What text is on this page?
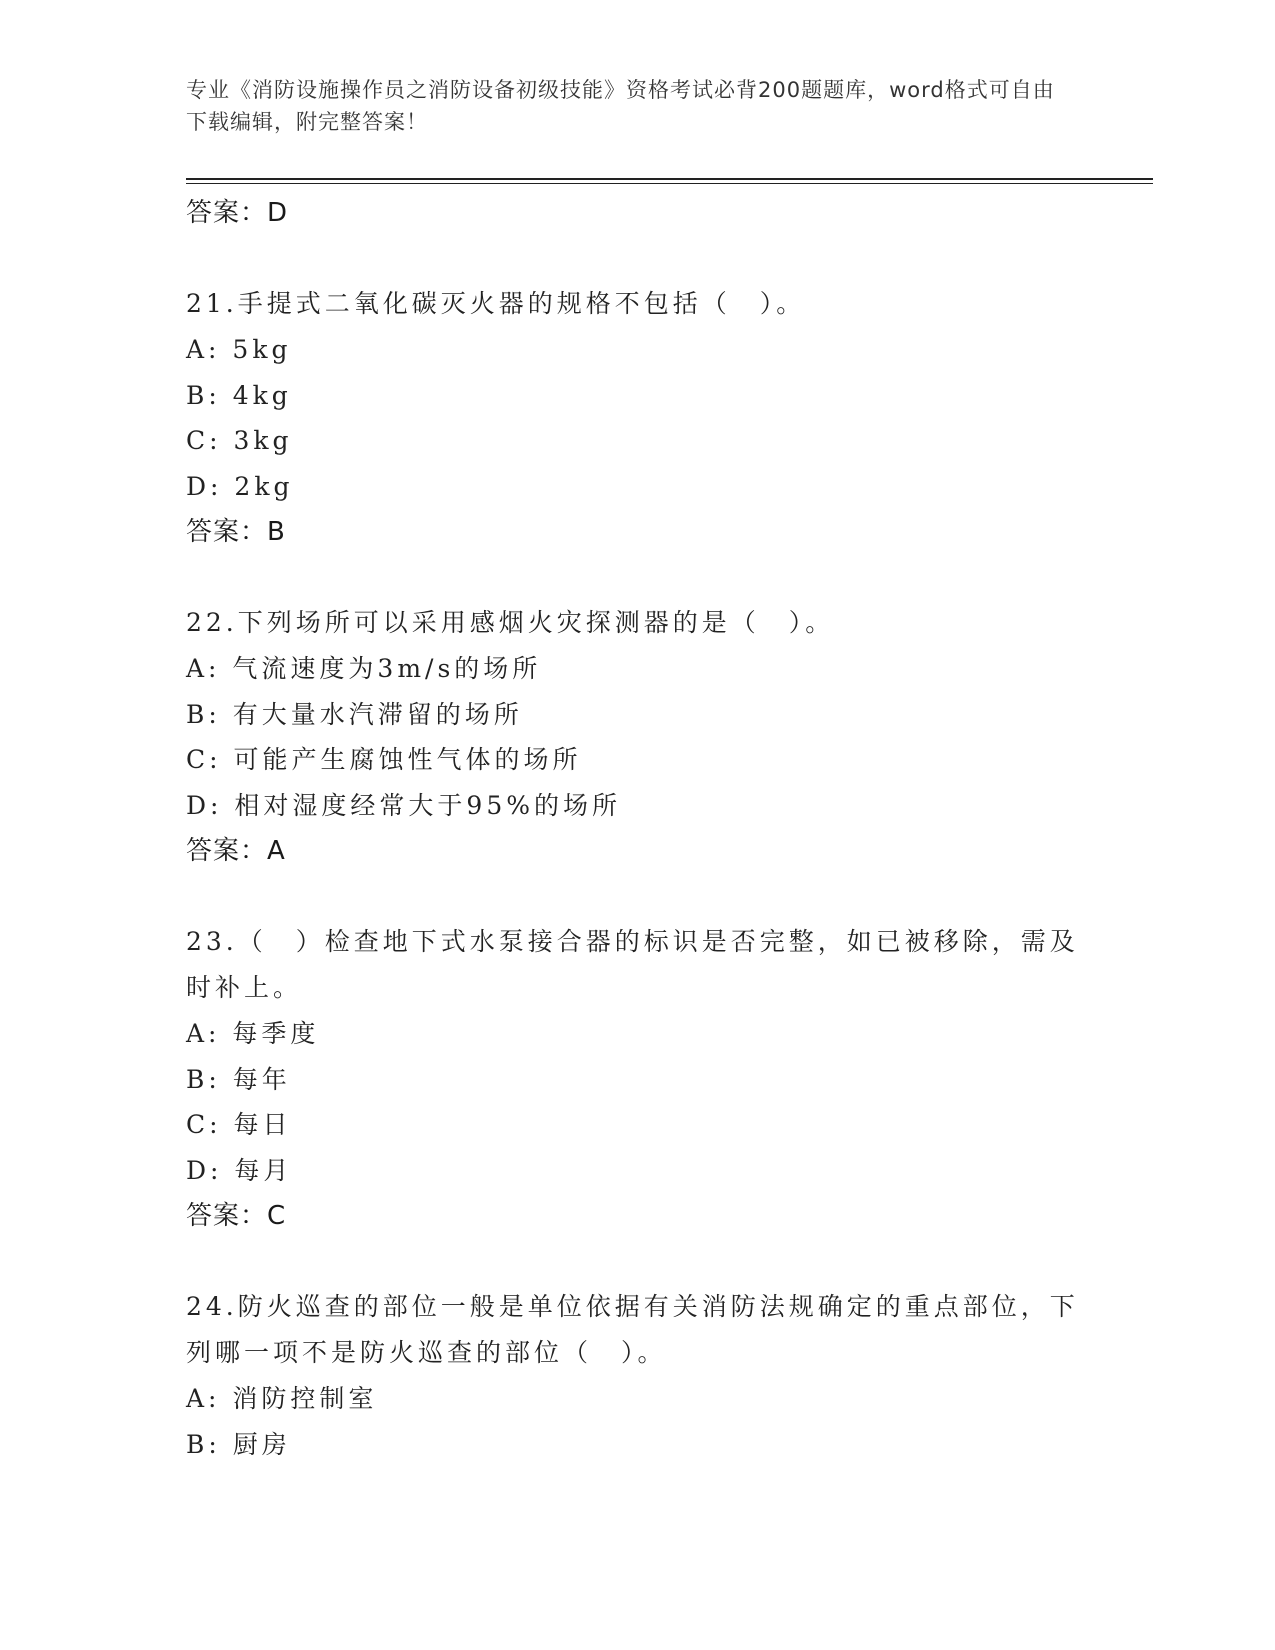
专业《消防设施操作员之消防设备初级技能》资格考试必背200题题库，word格式可自由下载编辑，附完整答案！
答案：D
21.手提式二氧化碳灭火器的规格不包括（　）。
A: 5kg
B: 4kg
C: 3kg
D: 2kg
答案：B
22.下列场所可以采用感烟火灾探测器的是（　）。
A: 气流速度为3m/s的场所
B: 有大量水汽滞留的场所
C: 可能产生腐蚀性气体的场所
D: 相对湿度经常大于95%的场所
答案：A
23.（　）检查地下式水泵接合器的标识是否完整，如已被移除，需及时补上。
A: 每季度
B: 每年
C: 每日
D: 每月
答案：C
24.防火巡查的部位一般是单位依据有关消防法规确定的重点部位，下列哪一项不是防火巡查的部位（　）。
A: 消防控制室
B: 厨房
